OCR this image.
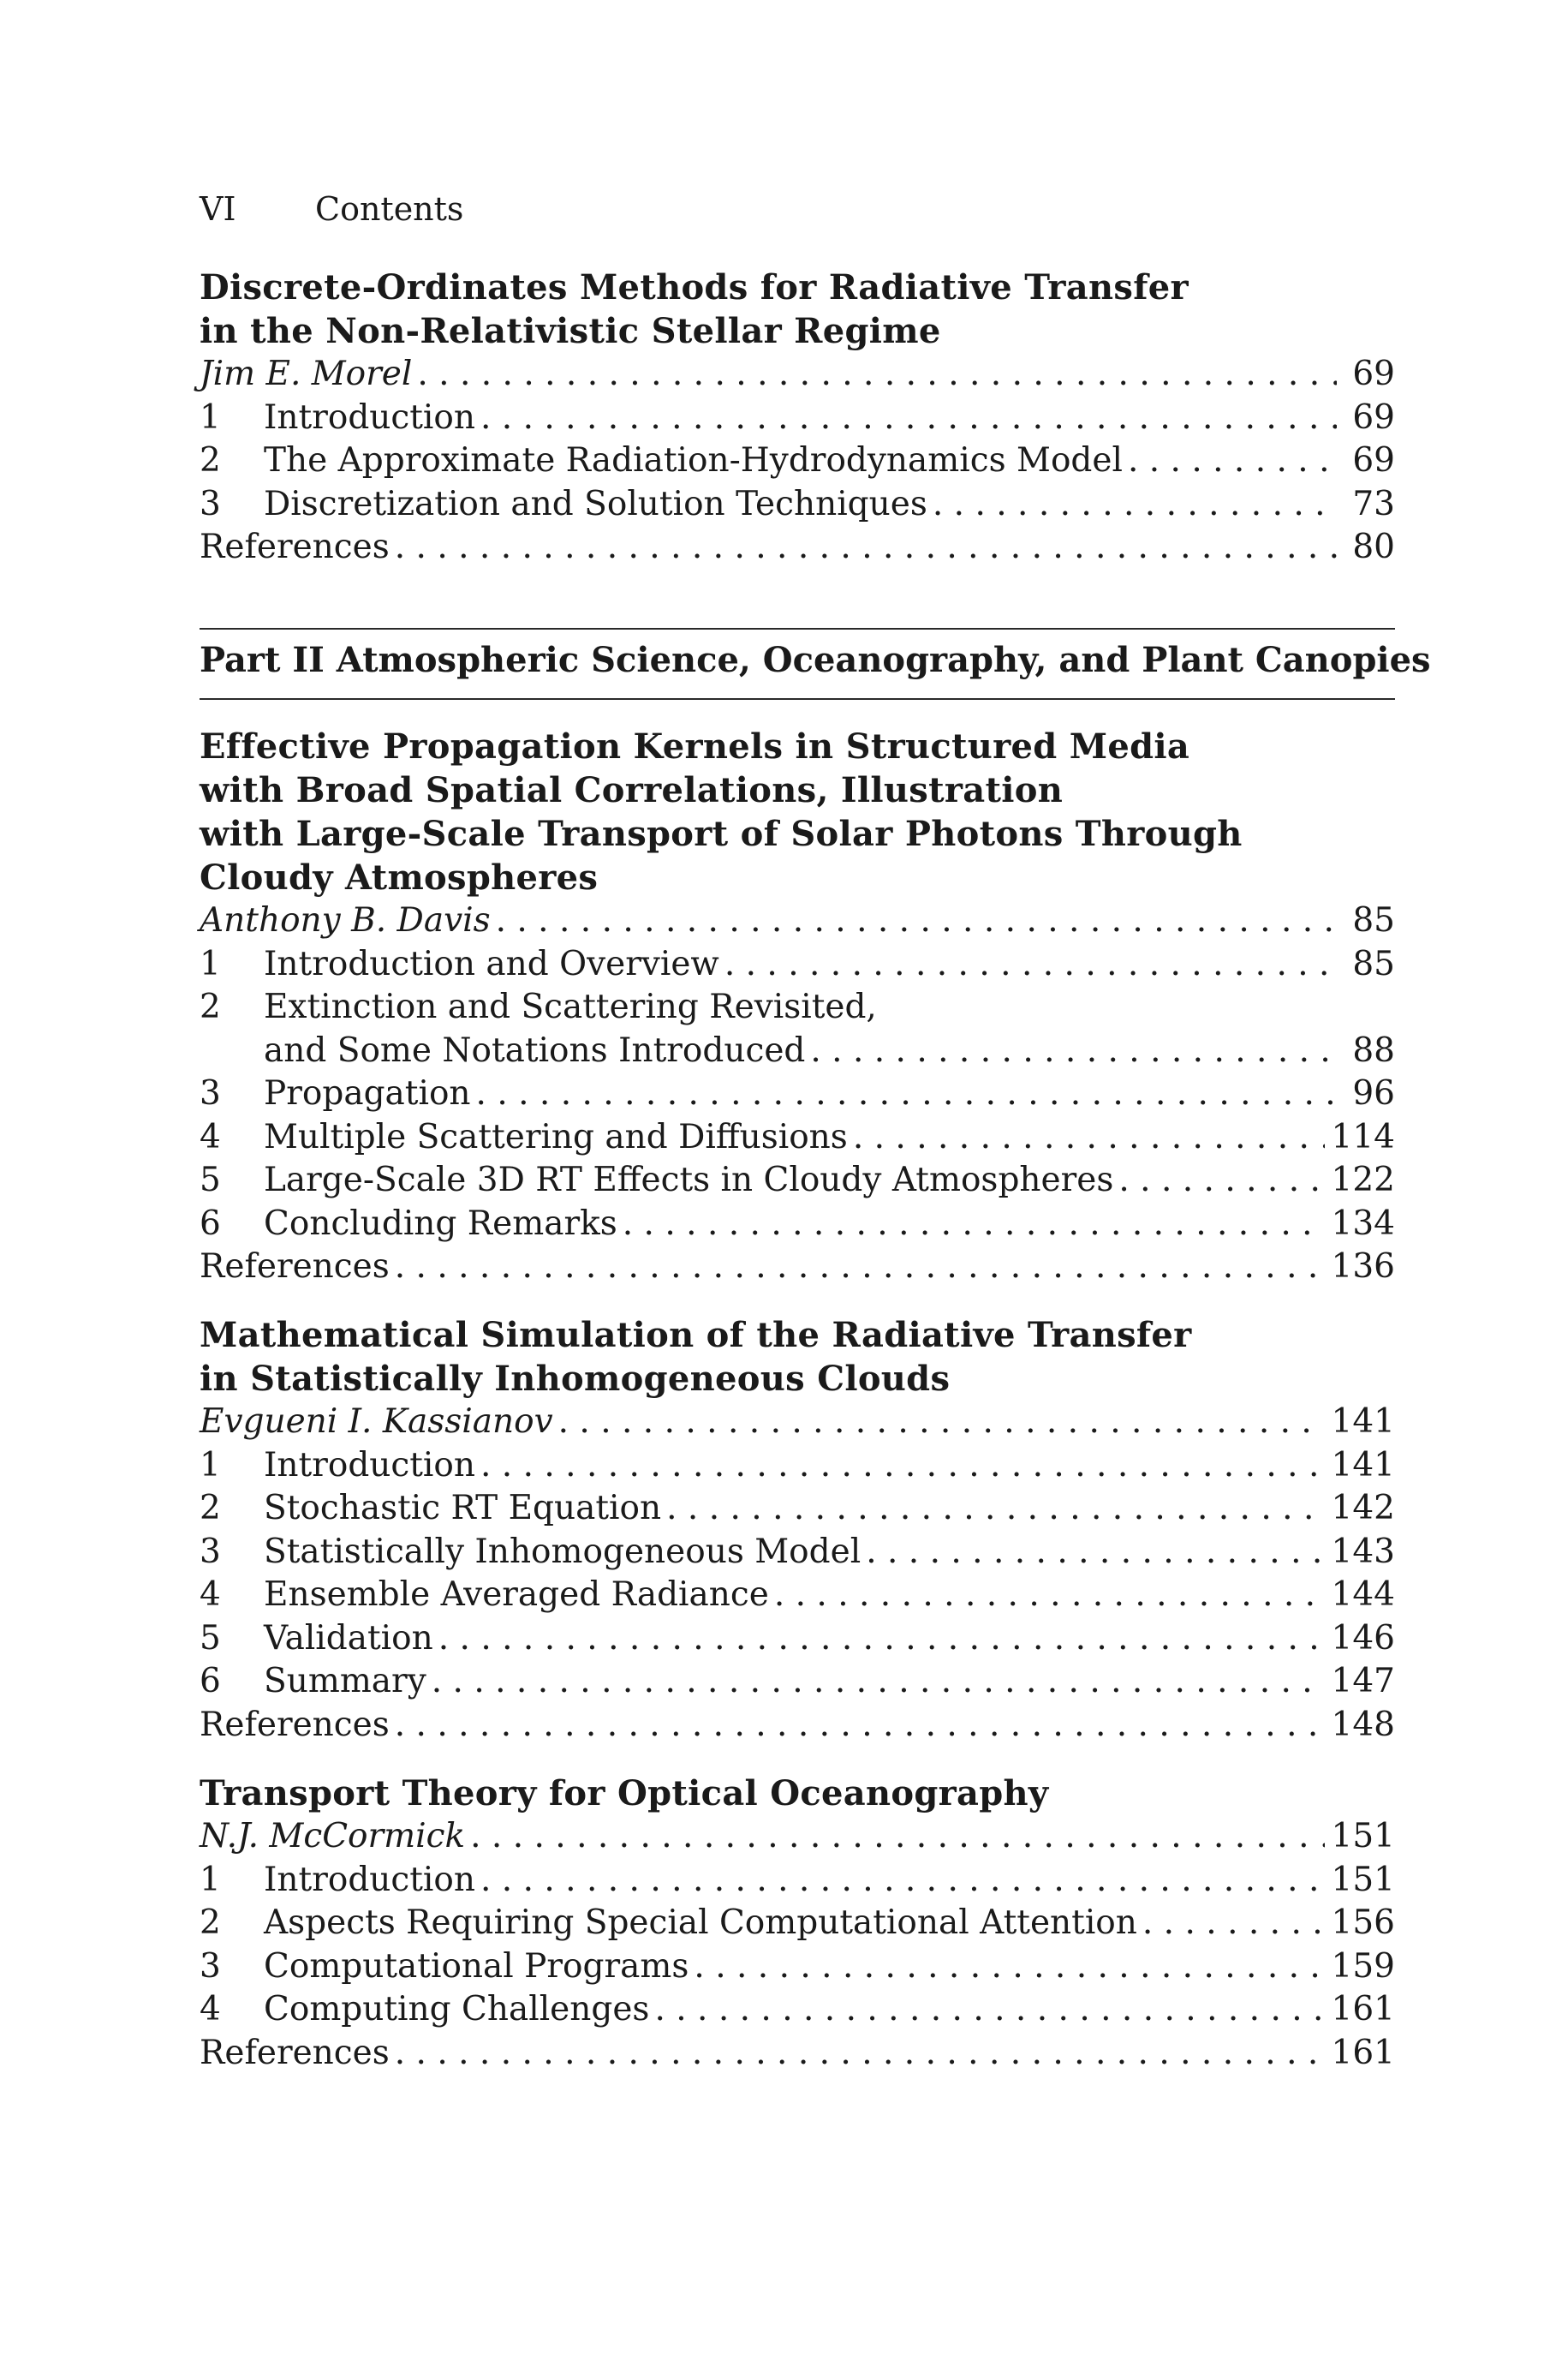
VI Contents
Discrete-Ordinates Methods for Radiative Transfer
in the Non-Relativistic Stellar Regime
Jim E. Morel . . .	69
1	Introduction . . .	69
2	The Approximate Radiation-Hydrodynamics Model . . .	69
3	Discretization and Solution Techniques . . .	73
References . . .	80
Part II Atmospheric Science, Oceanography, and Plant Canopies
Effective Propagation Kernels in Structured Media
with Broad Spatial Correlations, Illustration
with Large-Scale Transport of Solar Photons Through
Cloudy Atmospheres
Anthony B. Davis . . .	85
1	Introduction and Overview . . .	85
2	Extinction and Scattering Revisited,
and Some Notations Introduced . . .	88
3	Propagation . . .	96
4	Multiple Scattering and Diffusions . . .	114
5	Large-Scale 3D RT Effects in Cloudy Atmospheres . . .	122
6	Concluding Remarks . . .	134
References . . .	136
Mathematical Simulation of the Radiative Transfer
in Statistically Inhomogeneous Clouds
Evgueni I. Kassianov . . .	141
1	Introduction . . .	141
2	Stochastic RT Equation . . .	142
3	Statistically Inhomogeneous Model . . .	143
4	Ensemble Averaged Radiance . . .	144
5	Validation . . .	146
6	Summary . . .	147
References . . .	148
Transport Theory for Optical Oceanography
N.J. McCormick . . .	151
1	Introduction . . .	151
2	Aspects Requiring Special Computational Attention . . .	156
3	Computational Programs . . .	159
4	Computing Challenges . . .	161
References . . .	161
